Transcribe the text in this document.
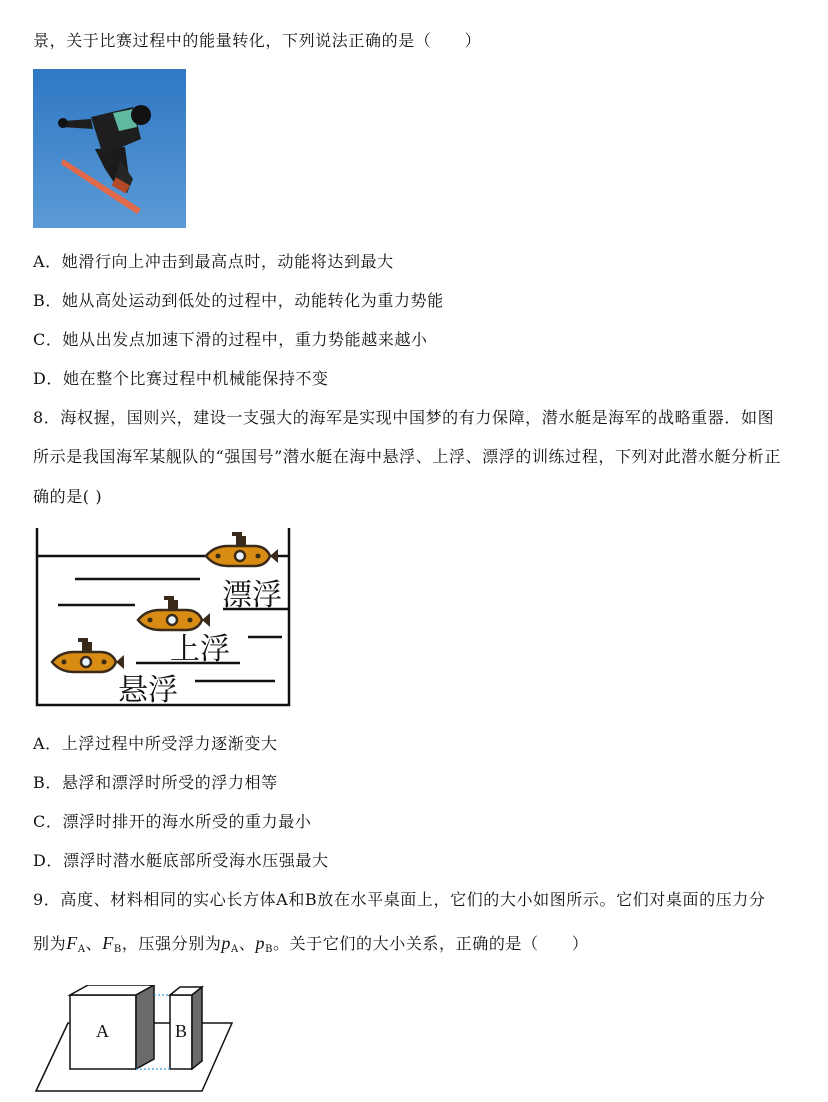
景，关于比赛过程中的能量转化，下列说法正确的是（　　）
A．她滑行向上冲击到最高点时，动能将达到最大
B．她从高处运动到低处的过程中，动能转化为重力势能
C．她从出发点加速下滑的过程中，重力势能越来越小
D．她在整个比赛过程中机械能保持不变
8．海权握，国则兴，建设一支强大的海军是实现中国梦的有力保障，潜水艇是海军的战略重器．如图
所示是我国海军某舰队的“强国号”潜水艇在海中悬浮、上浮、漂浮的训练过程，下列对此潜水艇分析正
确的是( )
漂浮
上浮
悬浮
A．上浮过程中所受浮力逐渐变大
B．悬浮和漂浮时所受的浮力相等
C．漂浮时排开的海水所受的重力最小
D．漂浮时潜水艇底部所受海水压强最大
9．高度、材料相同的实心长方体A和B放在水平桌面上，它们的大小如图所示。它们对桌面的压力分
别为$F_A$、$F_B$，压强分别为$p_A$、$p_B$。关于它们的大小关系，正确的是（　　）
A	B
